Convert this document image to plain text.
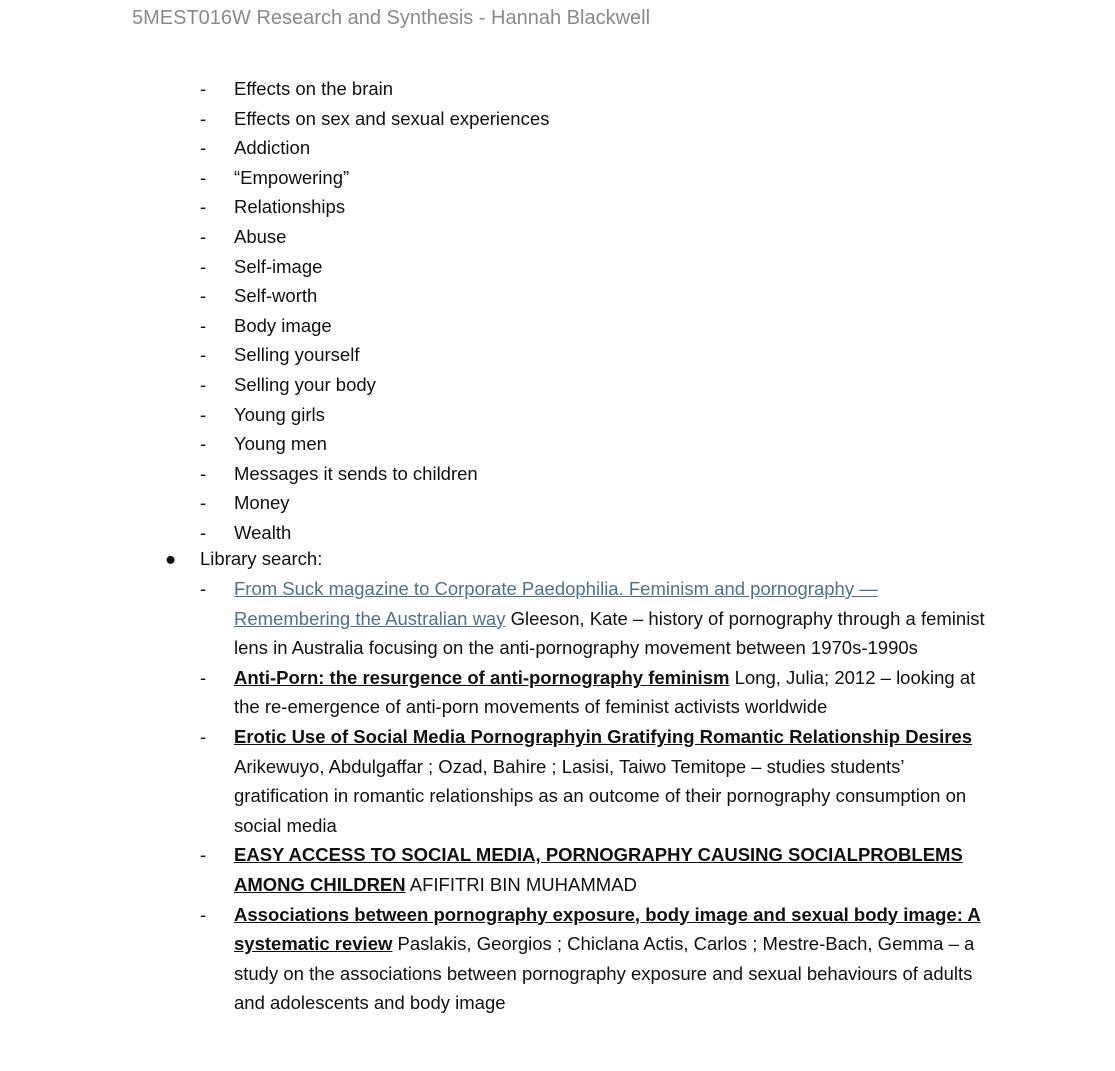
5MEST016W Research and Synthesis - Hannah Blackwell
- Effects on the brain
- Effects on sex and sexual experiences
- Addiction
- “Empowering”
- Relationships
- Abuse
- Self-image
- Self-worth
- Body image
- Selling yourself
- Selling your body
- Young girls
- Young men
- Messages it sends to children
- Money
- Wealth
● Library search:
- From Suck magazine to Corporate Paedophilia. Feminism and pornography — Remembering the Australian way Gleeson, Kate – history of pornography through a feminist lens in Australia focusing on the anti-pornography movement between 1970s-1990s
- Anti-Porn: the resurgence of anti-pornography feminism Long, Julia; 2012 – looking at the re-emergence of anti-porn movements of feminist activists worldwide
- Erotic Use of Social Media Pornographyin Gratifying Romantic Relationship Desires Arikewuyo, Abdulgaffar ; Ozad, Bahire ; Lasisi, Taiwo Temitope – studies students’ gratification in romantic relationships as an outcome of their pornography consumption on social media
- EASY ACCESS TO SOCIAL MEDIA, PORNOGRAPHY CAUSING SOCIALPROBLEMS AMONG CHILDREN AFIFITRI BIN MUHAMMAD
- Associations between pornography exposure, body image and sexual body image: A systematic review Paslakis, Georgios ; Chiclana Actis, Carlos ; Mestre-Bach, Gemma – a study on the associations between pornography exposure and sexual behaviours of adults and adolescents and body image
